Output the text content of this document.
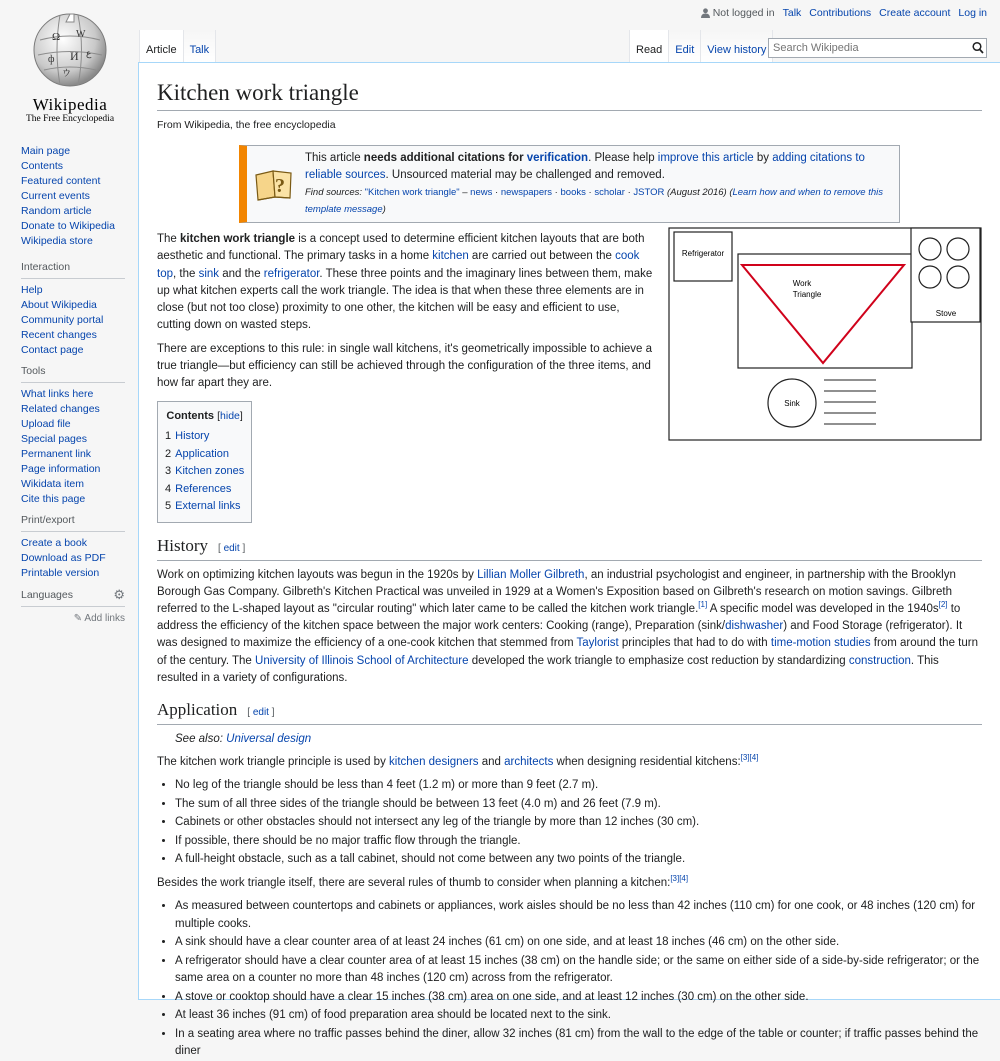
Ω W
ф И ع
ウ
Wikipedia
The Free Encyclopedia
Main page
Contents
Featured content
Current events
Random article
Donate to Wikipedia
Wikipedia store
Interaction
Help
About Wikipedia
Community portal
Recent changes
Contact page
Tools
What links here
Related changes
Upload file
Special pages
Permanent link
Page information
Wikidata item
Cite this page
Print/export
Create a book
Download as PDF
Printable version
Languages	⚙
✎ Add links
Not logged in Talk Contributions Create account Log in
Article	Talk	Read	Edit	View history
Search Wikipedia
Kitchen work triangle
From Wikipedia, the free encyclopedia
?
This article needs additional citations for verification. Please help improve this article by adding citations to reliable sources. Unsourced material may be challenged and removed.
Find sources: "Kitchen work triangle" – news · newspapers · books · scholar · JSTOR (August 2016) (Learn how and when to remove this template message)

The kitchen work triangle is a concept used to determine efficient kitchen layouts that are both aesthetic and functional. The primary tasks in a home kitchen are carried out between the cook top, the sink and the refrigerator. These three points and the imaginary lines between them, make up what kitchen experts call the work triangle. The idea is that when these three elements are in close (but not too close) proximity to one other, the kitchen will be easy and efficient to use, cutting down on wasted steps.

There are exceptions to this rule: in single wall kitchens, it's geometrically impossible to achieve a true triangle—but efficiency can still be achieved through the configuration of the three items, and how far apart they are.

Contents [hide]
1 History
2 Application
3 Kitchen zones
4 References
5 External links
Refrigerator
Work
Triangle
Stove
Sink
History [ edit ]

Work on optimizing kitchen layouts was begun in the 1920s by Lillian Moller Gilbreth, an industrial psychologist and engineer, in partnership with the Brooklyn Borough Gas Company. Gilbreth's Kitchen Practical was unveiled in 1929 at a Women's Exposition based on Gilbreth's research on motion savings. Gilbreth referred to the L-shaped layout as "circular routing" which later came to be called the kitchen work triangle.[1] A specific model was developed in the 1940s[2] to address the efficiency of the kitchen space between the major work centers: Cooking (range), Preparation (sink/dishwasher) and Food Storage (refrigerator). It was designed to maximize the efficiency of a one-cook kitchen that stemmed from Taylorist principles that had to do with time-motion studies from around the turn of the century. The University of Illinois School of Architecture developed the work triangle to emphasize cost reduction by standardizing construction. This resulted in a variety of configurations.

Application [ edit ]
See also: Universal design

The kitchen work triangle principle is used by kitchen designers and architects when designing residential kitchens:[3][4]

• No leg of the triangle should be less than 4 feet (1.2 m) or more than 9 feet (2.7 m).
• The sum of all three sides of the triangle should be between 13 feet (4.0 m) and 26 feet (7.9 m).
• Cabinets or other obstacles should not intersect any leg of the triangle by more than 12 inches (30 cm).
• If possible, there should be no major traffic flow through the triangle.
• A full-height obstacle, such as a tall cabinet, should not come between any two points of the triangle.

Besides the work triangle itself, there are several rules of thumb to consider when planning a kitchen:[3][4]

• As measured between countertops and cabinets or appliances, work aisles should be no less than 42 inches (110 cm) for one cook, or 48 inches (120 cm) for multiple cooks.
• A sink should have a clear counter area of at least 24 inches (61 cm) on one side, and at least 18 inches (46 cm) on the other side.
• A refrigerator should have a clear counter area of at least 15 inches (38 cm) on the handle side; or the same on either side of a side-by-side refrigerator; or the same area on a counter no more than 48 inches (120 cm) across from the refrigerator.
• A stove or cooktop should have a clear 15 inches (38 cm) area on one side, and at least 12 inches (30 cm) on the other side.
• At least 36 inches (91 cm) of food preparation area should be located next to the sink.
• In a seating area where no traffic passes behind the diner, allow 32 inches (81 cm) from the wall to the edge of the table or counter; if traffic passes behind the diner
